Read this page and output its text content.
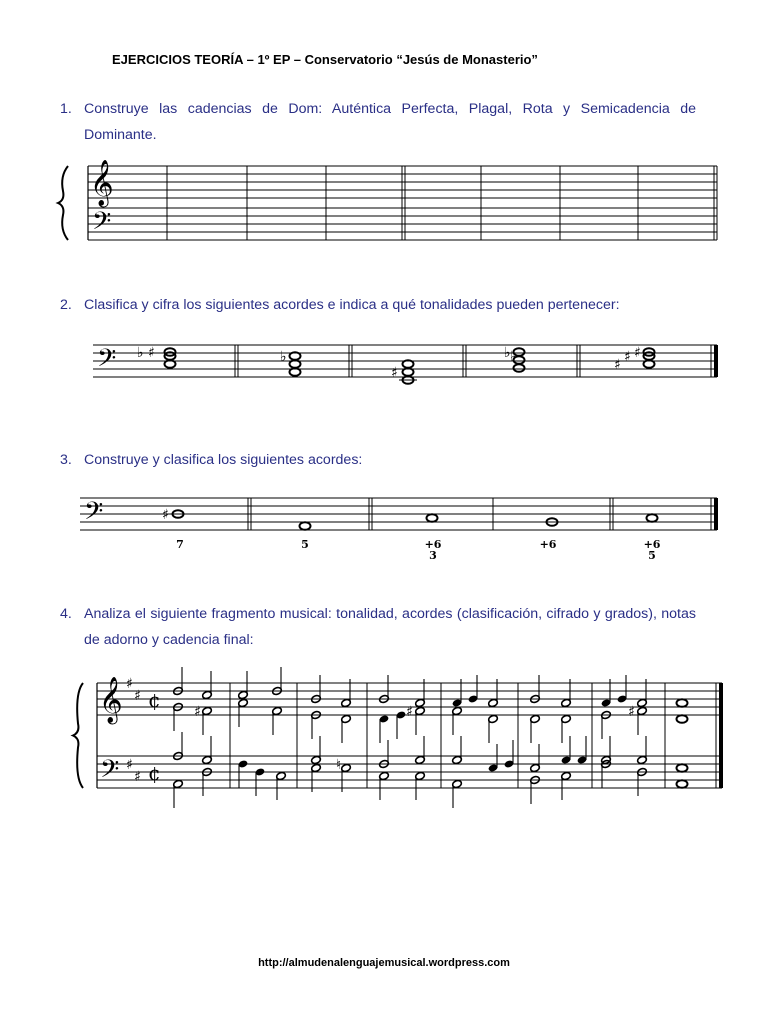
EJERCICIOS TEORÍA – 1º EP – Conservatorio “Jesús de Monasterio”
1. Construye las cadencias de Dom: Auténtica Perfecta, Plagal, Rota y Semicadencia de Dominante.
2. Clasifica y cifra los siguientes acordes e indica a qué tonalidades pueden pertenecer:
3. Construye y clasifica los siguientes acordes:
4. Analiza el siguiente fragmento musical: tonalidad, acordes (clasificación, cifrado y grados), notas de adorno y cadencia final:
𝄞
𝄢
𝄢 ♭ ♯	♭
♯
♭ ♭	♯ ♯ ♯
𝄢	♯
7	5	+6
3
+6	+6
5
𝄞
𝄢
♯
♯
♯
♯
¢
¢
♯
♮
♯	♯
http://almudenalenguajemusical.wordpress.com
